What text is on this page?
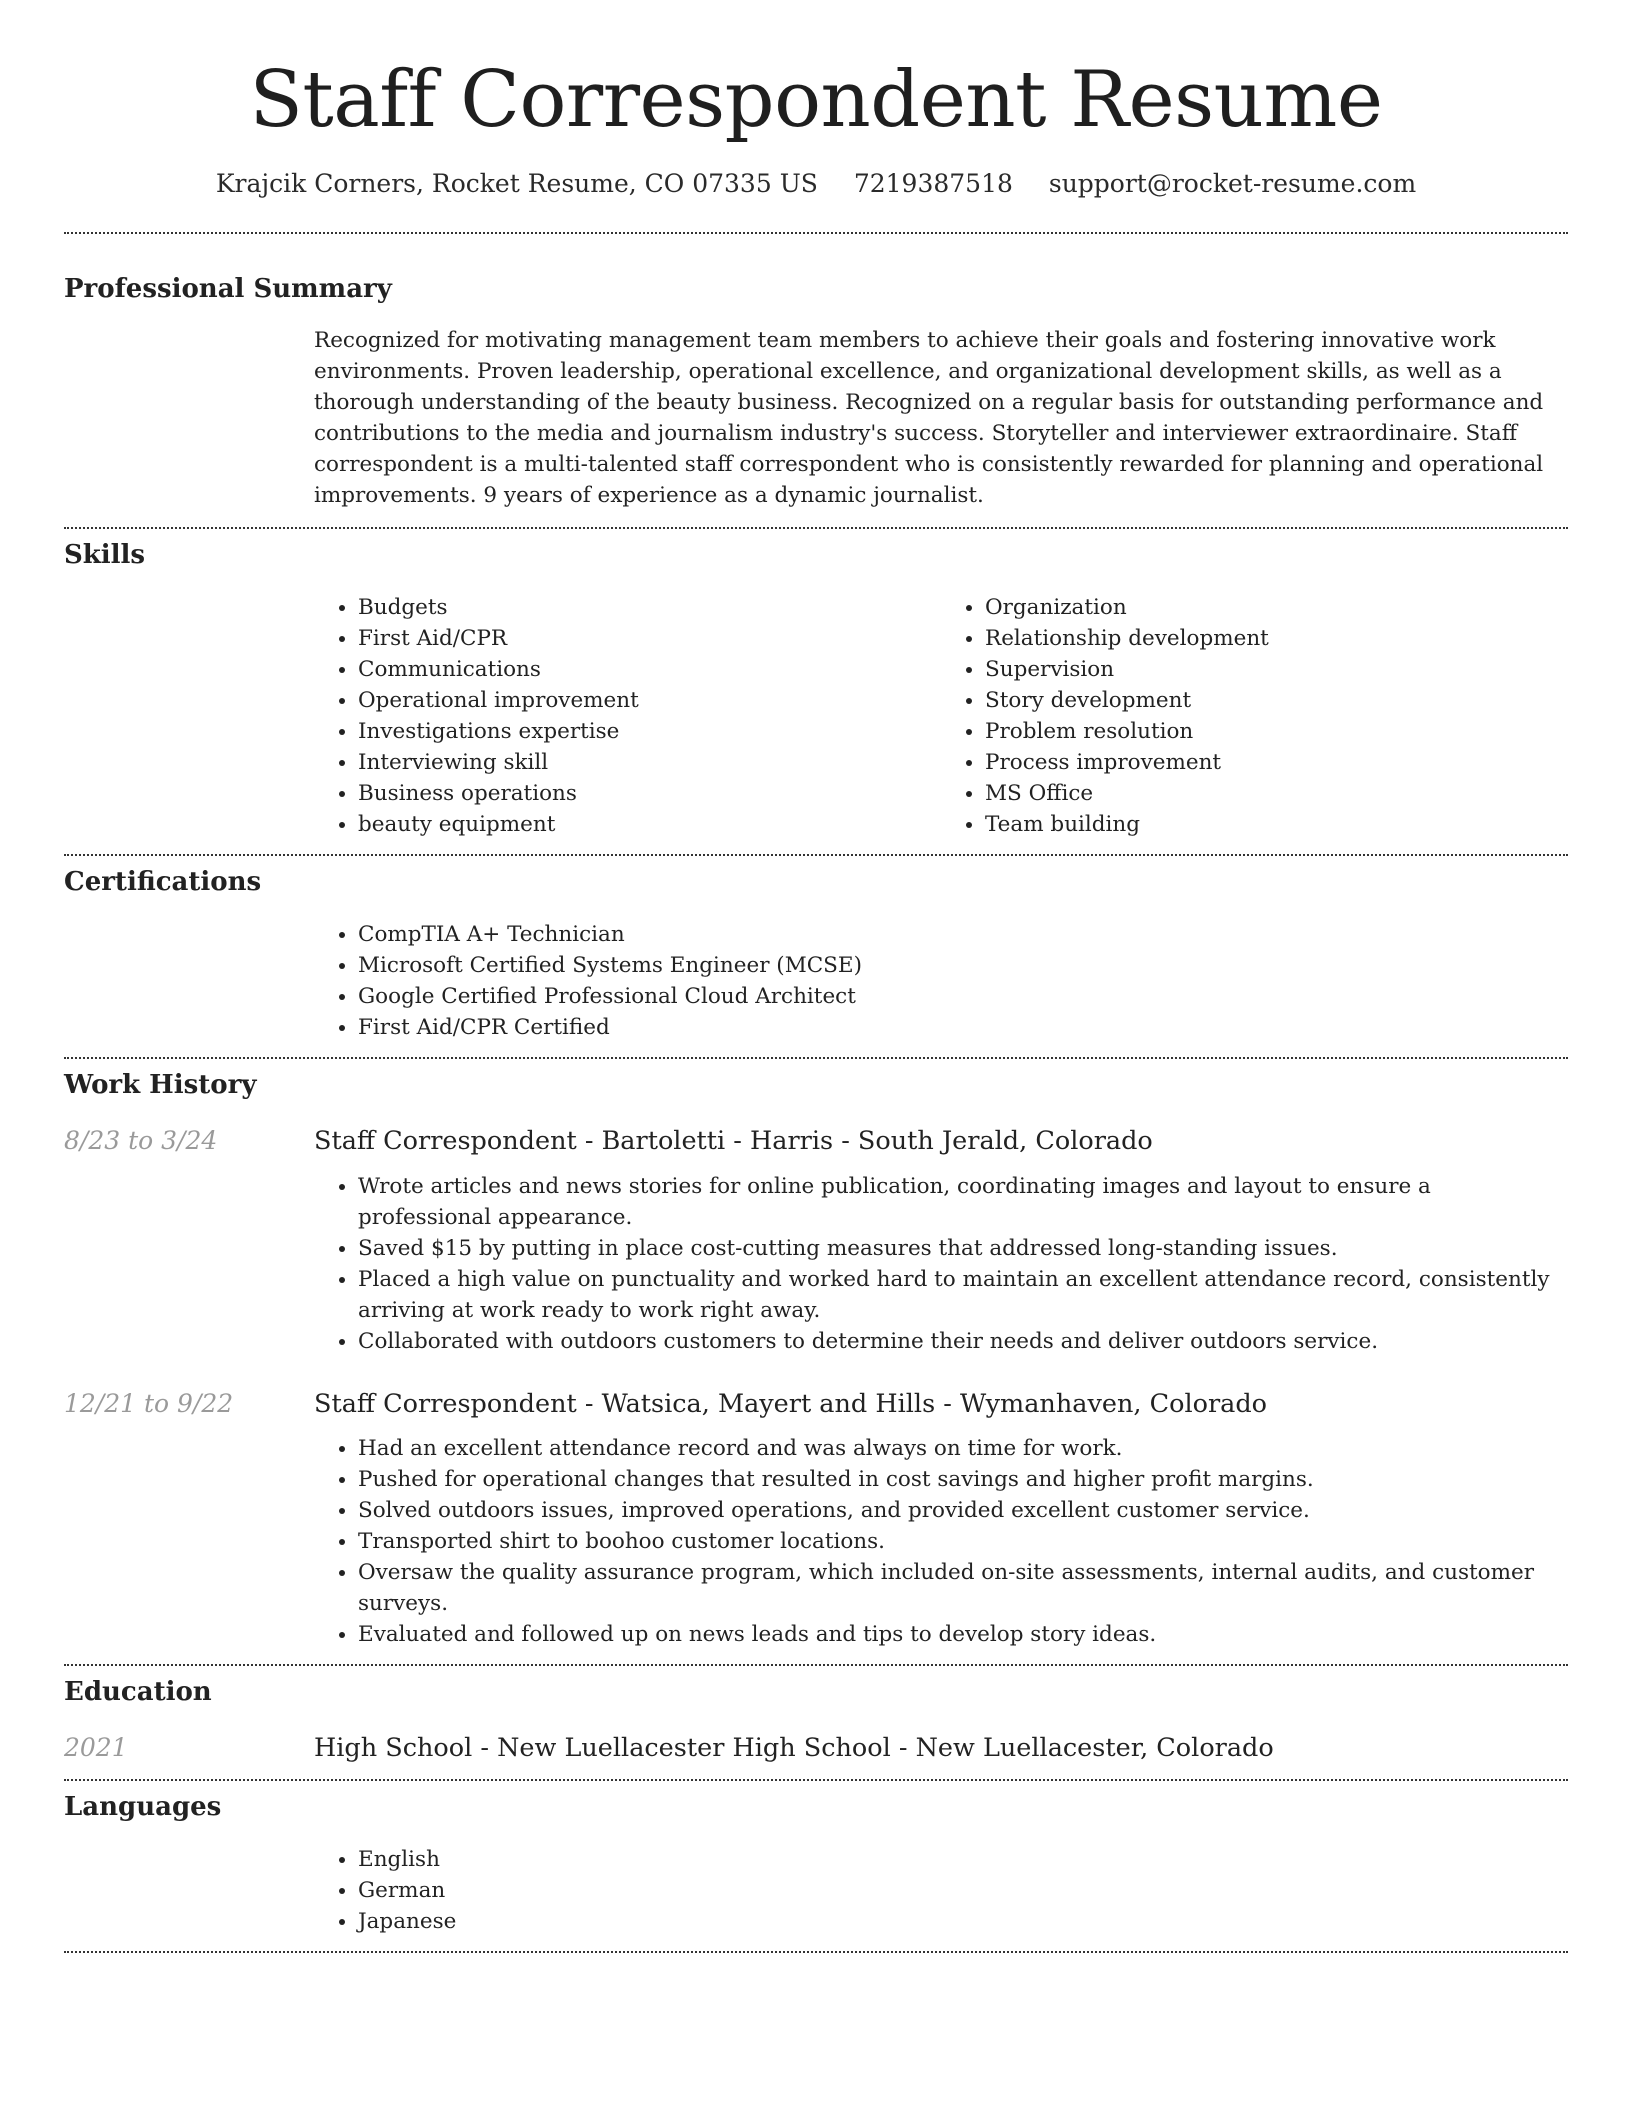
Staff Correspondent Resume
Krajcik Corners, Rocket Resume, CO 07335 US 7219387518 support@rocket-resume.com
Professional Summary

Recognized for motivating management team members to achieve their goals and fostering innovative work environments. Proven leadership, operational excellence, and organizational development skills, as well as a thorough understanding of the beauty business. Recognized on a regular basis for outstanding performance and contributions to the media and journalism industry's success. Storyteller and interviewer extraordinaire. Staff correspondent is a multi-talented staff correspondent who is consistently rewarded for planning and operational improvements. 9 years of experience as a dynamic journalist.

Skills
• Budgets
• First Aid/CPR
• Communications
• Operational improvement
• Investigations expertise
• Interviewing skill
• Business operations
• beauty equipment
• Organization
• Relationship development
• Supervision
• Story development
• Problem resolution
• Process improvement
• MS Office
• Team building
Certifications
• CompTIA A+ Technician
• Microsoft Certified Systems Engineer (MCSE)
• Google Certified Professional Cloud Architect
• First Aid/CPR Certified
Work History
8/23 to 3/24	Staff Correspondent - Bartoletti - Harris - South Jerald, Colorado
• Wrote articles and news stories for online publication, coordinating images and layout to ensure a professional appearance.
• Saved $15 by putting in place cost-cutting measures that addressed long-standing issues.
• Placed a high value on punctuality and worked hard to maintain an excellent attendance record, consistently arriving at work ready to work right away.
• Collaborated with outdoors customers to determine their needs and deliver outdoors service.
12/21 to 9/22	Staff Correspondent - Watsica, Mayert and Hills - Wymanhaven, Colorado
• Had an excellent attendance record and was always on time for work.
• Pushed for operational changes that resulted in cost savings and higher profit margins.
• Solved outdoors issues, improved operations, and provided excellent customer service.
• Transported shirt to boohoo customer locations.
• Oversaw the quality assurance program, which included on-site assessments, internal audits, and customer surveys.
• Evaluated and followed up on news leads and tips to develop story ideas.
Education
2021	High School - New Luellacester High School - New Luellacester, Colorado
Languages
• English
• German
• Japanese
